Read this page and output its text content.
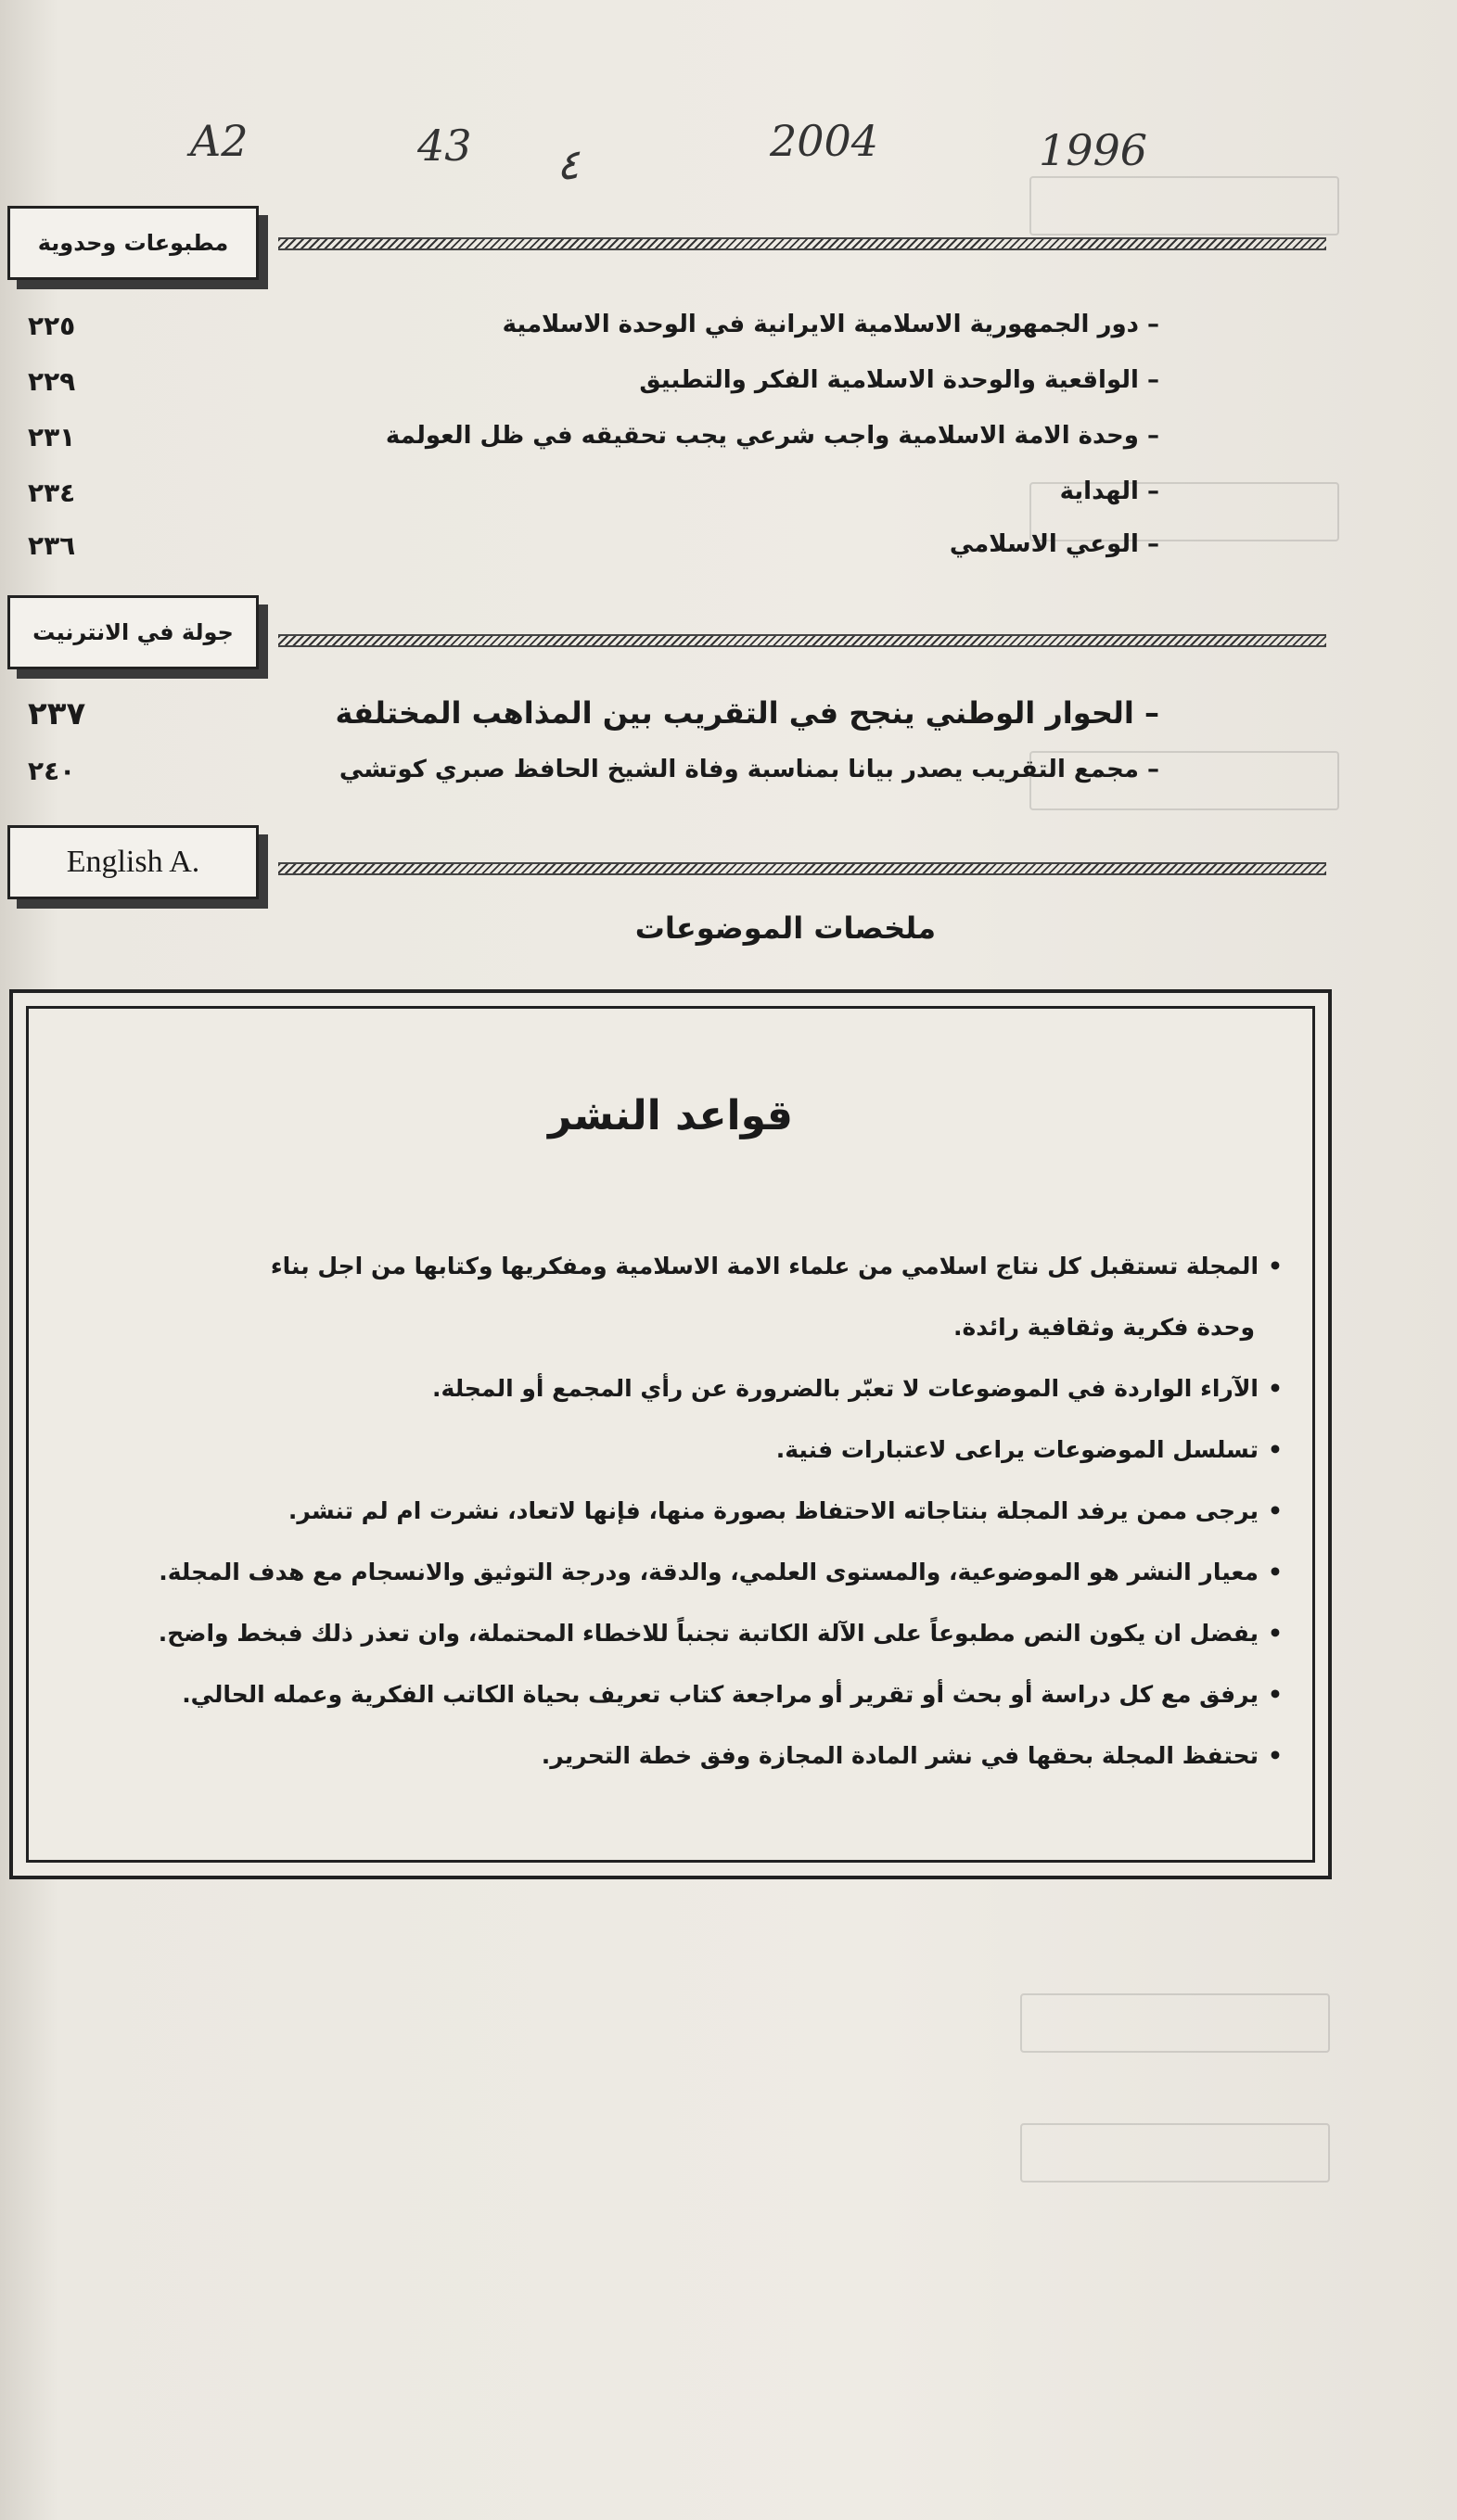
A2	43 ٤	2004	1996
مطبوعات وحدوية
٢٢٥	– دور الجمهورية الاسلامية الايرانية في الوحدة الاسلامية
٢٢٩	– الواقعية والوحدة الاسلامية الفكر والتطبيق
٢٣١	– وحدة الامة الاسلامية واجب شرعي يجب تحقيقه في ظل العولمة
٢٣٤	– الهداية
٢٣٦	– الوعي الاسلامي
جولة في الانترنيت
٢٣٧	– الحوار الوطني ينجح في التقريب بين المذاهب المختلفة
٢٤٠	– مجمع التقريب يصدر بيانا بمناسبة وفاة الشيخ الحافظ صبري كوتشي
English A.
ملخصات الموضوعات
قواعد النشر
•المجلة تستقبل كل نتاج اسلامي من علماء الامة الاسلامية ومفكريها وكتابها من اجل بناء
وحدة فكرية وثقافية رائدة.
•الآراء الواردة في الموضوعات لا تعبّر بالضرورة عن رأي المجمع أو المجلة.
•تسلسل الموضوعات يراعى لاعتبارات فنية.
•يرجى ممن يرفد المجلة بنتاجاته الاحتفاظ بصورة منها، فإنها لاتعاد، نشرت ام لم تنشر.
•معيار النشر هو الموضوعية، والمستوى العلمي، والدقة، ودرجة التوثيق والانسجام مع هدف المجلة.
•يفضل ان يكون النص مطبوعاً على الآلة الكاتبة تجنباً للاخطاء المحتملة، وان تعذر ذلك فبخط واضح.
•يرفق مع كل دراسة أو بحث أو تقرير أو مراجعة كتاب تعريف بحياة الكاتب الفكرية وعمله الحالي.
•تحتفظ المجلة بحقها في نشر المادة المجازة وفق خطة التحرير.
